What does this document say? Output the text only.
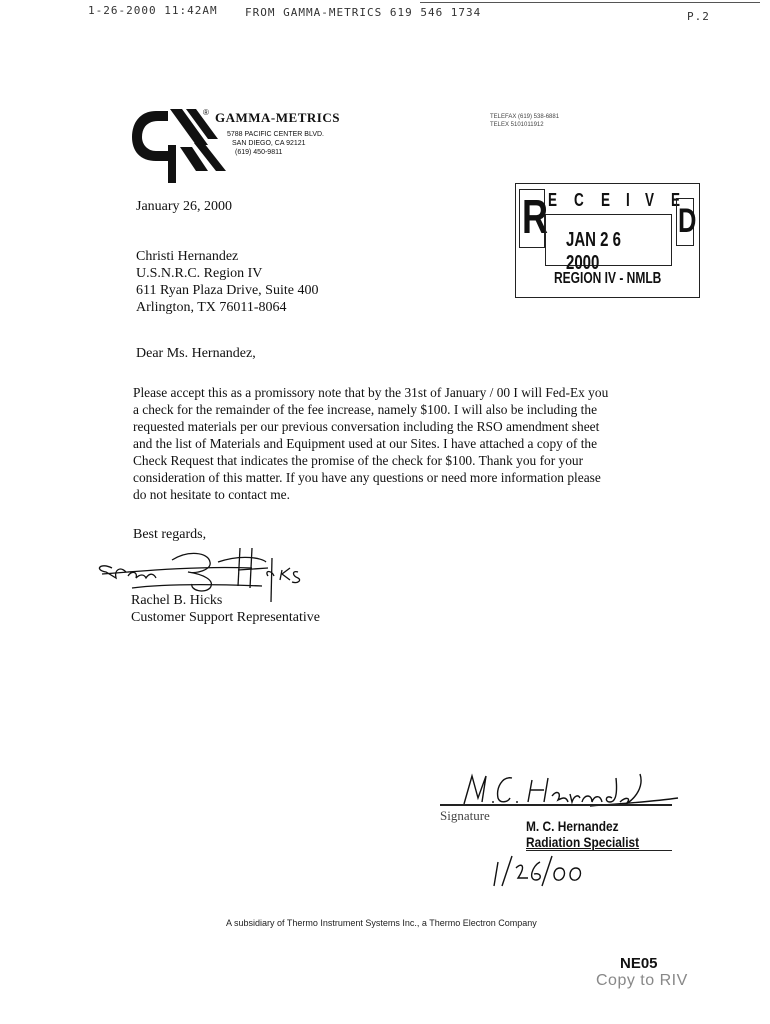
1-26-2000 11:42AM FROM GAMMA-METRICS 619 546 1734	P.2
® GAMMA-METRICS
5788 PACIFIC CENTER BLVD.
SAN DIEGO, CA 92121
(619) 450-9811
TELEFAX (619) 538-6881
TELEX 5101011912
R E C E I V E
JAN 2 6 2000
D
REGION IV - NMLB
January 26, 2000
Christi Hernandez
U.S.N.R.C. Region IV
611 Ryan Plaza Drive, Suite 400
Arlington, TX 76011-8064
Dear Ms. Hernandez,
Please accept this as a promissory note that by the 31st of January / 00 I will Fed-Ex you
a check for the remainder of the fee increase, namely $100. I will also be including the
requested materials per our previous conversation including the RSO amendment sheet
and the list of Materials and Equipment used at our Sites. I have attached a copy of the
Check Request that indicates the promise of the check for $100. Thank you for your
consideration of this matter. If you have any questions or need more information please
do not hesitate to contact me.
Best regards,
Rachel B. Hicks
Customer Support Representative
Signature
M. C. Hernandez
Radiation Specialist
A subsidiary of Thermo Instrument Systems Inc., a Thermo Electron Company
NE05
Copy to RIV
